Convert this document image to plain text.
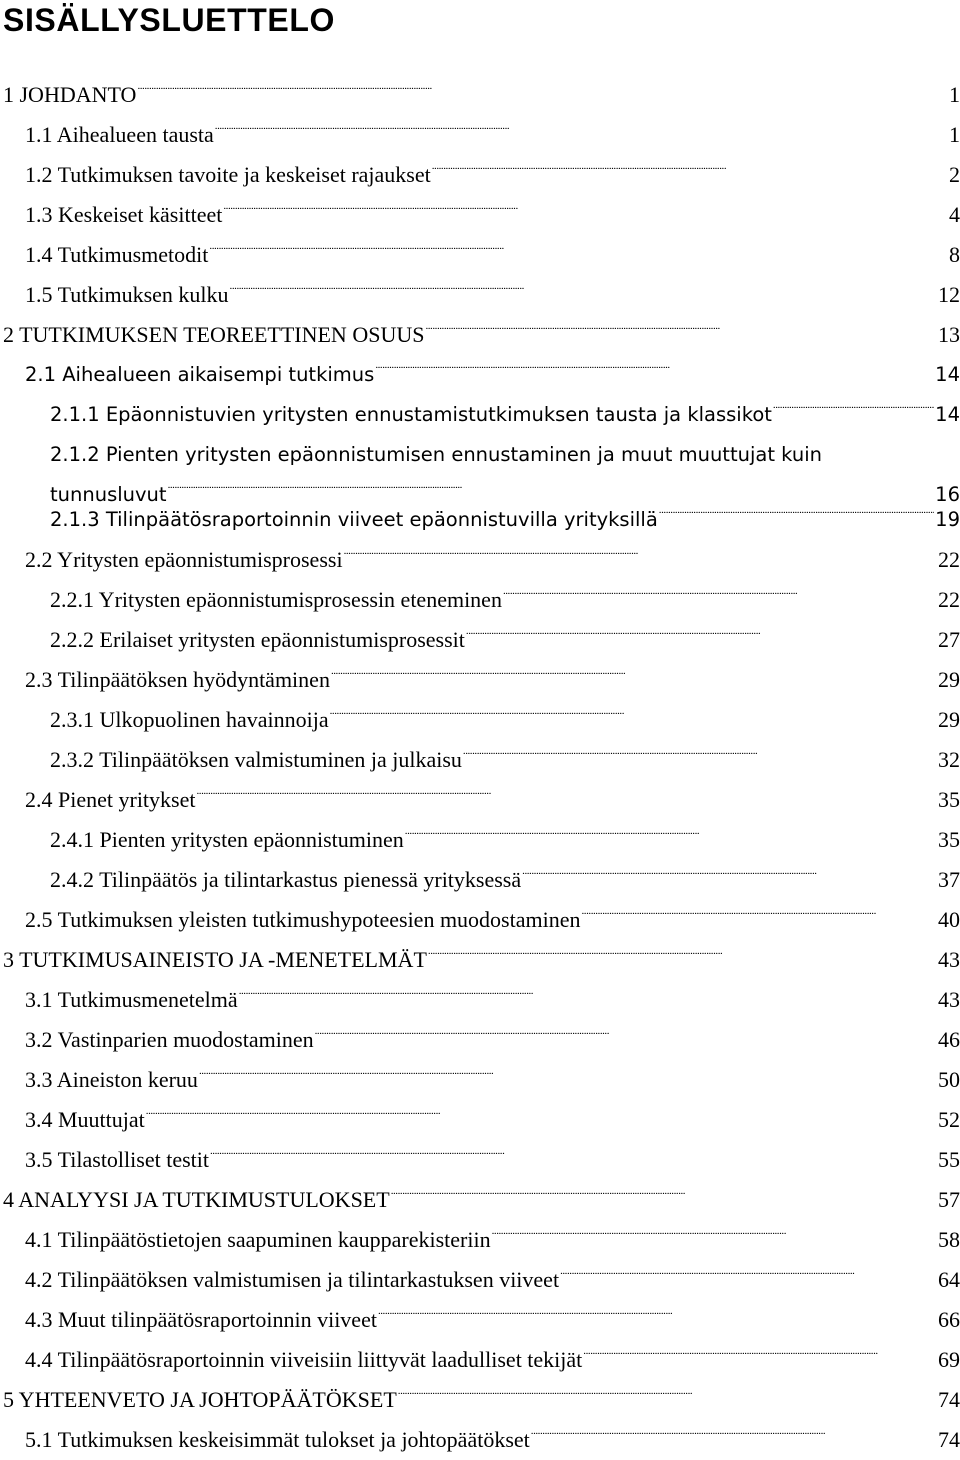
SISÄLLYSLUETTELO
1 JOHDANTO . . .	1
1.1 Aihealueen tausta . . .	1
1.2 Tutkimuksen tavoite ja keskeiset rajaukset . . .	2
1.3 Keskeiset käsitteet . . .	4
1.4 Tutkimusmetodit . . .	8
1.5 Tutkimuksen kulku . . .	12
2 TUTKIMUKSEN TEOREETTINEN OSUUS . . .	13
2.1 Aihealueen aikaisempi tutkimus . . .	14
2.1.1 Epäonnistuvien yritysten ennustamistutkimuksen tausta ja klassikot . . .	14
2.1.2 Pienten yritysten epäonnistumisen ennustaminen ja muut muuttujat kuin
tunnusluvut . . .	16
2.1.3 Tilinpäätösraportoinnin viiveet epäonnistuvilla yrityksillä . . .	19
2.2 Yritysten epäonnistumisprosessi . . .	22
2.2.1 Yritysten epäonnistumisprosessin eteneminen . . .	22
2.2.2 Erilaiset yritysten epäonnistumisprosessit . . .	27
2.3 Tilinpäätöksen hyödyntäminen . . .	29
2.3.1 Ulkopuolinen havainnoija . . .	29
2.3.2 Tilinpäätöksen valmistuminen ja julkaisu . . .	32
2.4 Pienet yritykset . . .	35
2.4.1 Pienten yritysten epäonnistuminen . . .	35
2.4.2 Tilinpäätös ja tilintarkastus pienessä yrityksessä . . .	37
2.5 Tutkimuksen yleisten tutkimushypoteesien muodostaminen . . .	40
3 TUTKIMUSAINEISTO JA -MENETELMÄT . . .	43
3.1 Tutkimusmenetelmä . . .	43
3.2 Vastinparien muodostaminen . . .	46
3.3 Aineiston keruu . . .	50
3.4 Muuttujat . . .	52
3.5 Tilastolliset testit . . .	55
4 ANALYYSI JA TUTKIMUSTULOKSET . . .	57
4.1 Tilinpäätöstietojen saapuminen kaupparekisteriin . . .	58
4.2 Tilinpäätöksen valmistumisen ja tilintarkastuksen viiveet . . .	64
4.3 Muut tilinpäätösraportoinnin viiveet . . .	66
4.4 Tilinpäätösraportoinnin viiveisiin liittyvät laadulliset tekijät . . .	69
5 YHTEENVETO JA JOHTOPÄÄTÖKSET . . .	74
5.1 Tutkimuksen keskeisimmät tulokset ja johtopäätökset . . .	74
